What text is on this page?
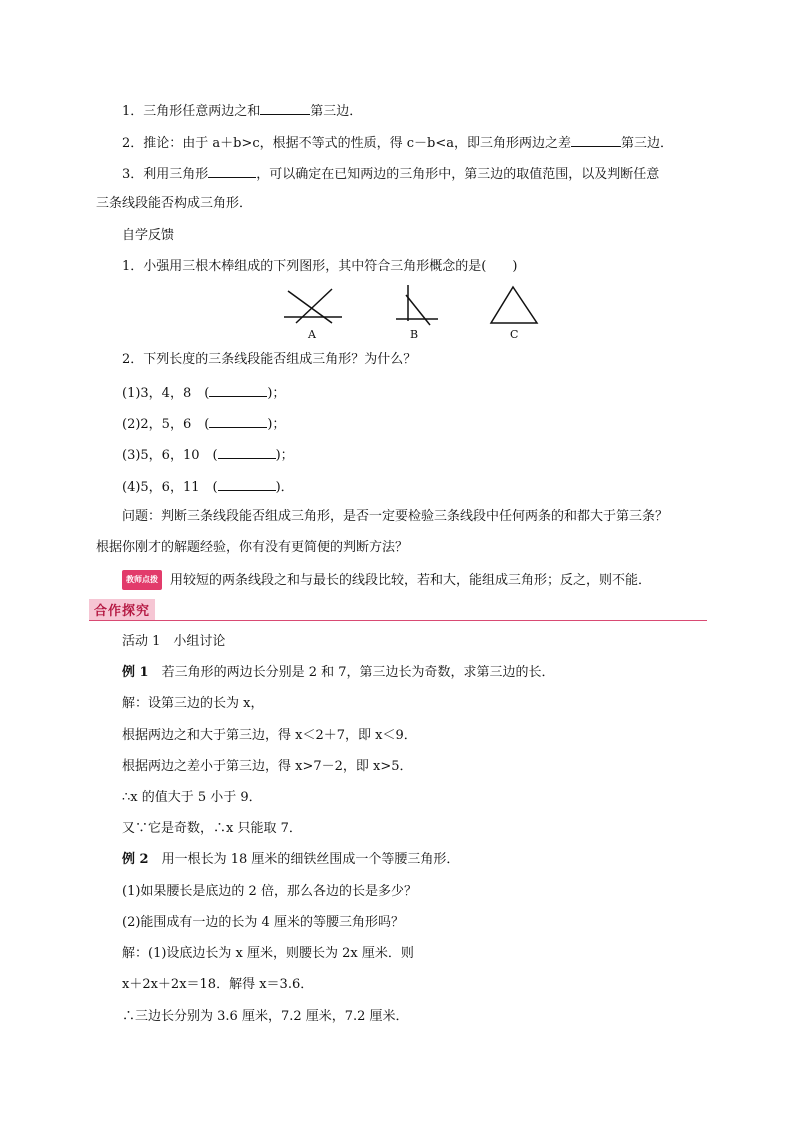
1．三角形任意两边之和	第三边．
2．推论：由于 a＋b>c，根据不等式的性质，得 c－b<a，即三角形两边之差	第三边．
3．利用三角形	，可以确定在已知两边的三角形中，第三边的取值范围，以及判断任意
三条线段能否构成三角形．
自学反馈
1．小强用三根木棒组成的下列图形，其中符合三角形概念的是(　　)
A	B	C
2．下列长度的三条线段能否组成三角形？为什么？
(1)3，4，8　(	)；
(2)2，5，6　(	)；
(3)5，6，10　(	)；
(4)5，6，11　(	)．
问题：判断三条线段能否组成三角形，是否一定要检验三条线段中任何两条的和都大于第三条？
根据你刚才的解题经验，你有没有更简便的判断方法？
教师点拨 用较短的两条线段之和与最长的线段比较，若和大，能组成三角形；反之，则不能．
合作探究
活动 1　小组讨论
例 1　若三角形的两边长分别是 2 和 7，第三边长为奇数，求第三边的长．
解：设第三边的长为 x，
根据两边之和大于第三边，得 x＜2＋7，即 x＜9．
根据两边之差小于第三边，得 x>7－2，即 x>5．
∴x 的值大于 5 小于 9．
又∵它是奇数，∴x 只能取 7．
例 2　用一根长为 18 厘米的细铁丝围成一个等腰三角形．
(1)如果腰长是底边的 2 倍，那么各边的长是多少？
(2)能围成有一边的长为 4 厘米的等腰三角形吗？
解：(1)设底边长为 x 厘米，则腰长为 2x 厘米．则
x＋2x＋2x＝18．解得 x＝3.6．
∴三边长分别为 3.6 厘米，7.2 厘米，7.2 厘米．
